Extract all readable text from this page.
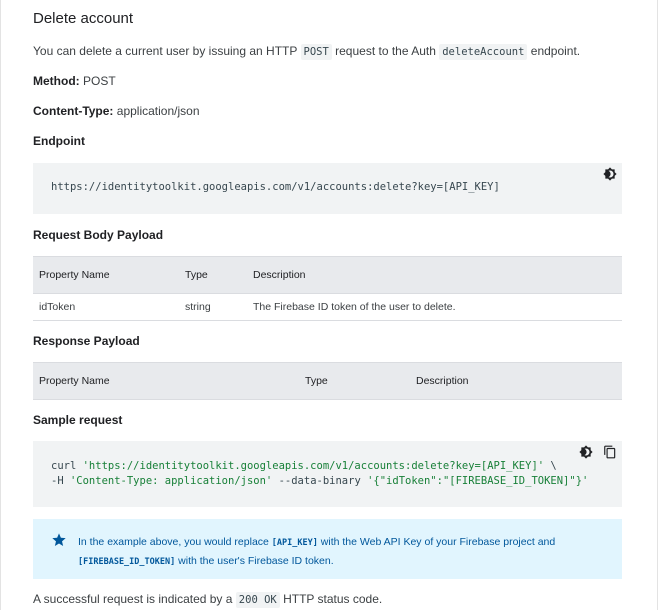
Delete account
You can delete a current user by issuing an HTTP POST request to the Auth deleteAccount endpoint.
Method: POST
Content-Type: application/json
Endpoint
https://identitytoolkit.googleapis.com/v1/accounts:delete?key=[API_KEY]
Request Body Payload
Property Name	Type	Description
idToken	string	The Firebase ID token of the user to delete.
Response Payload
Property Name	Type	Description
Sample request
curl 'https://identitytoolkit.googleapis.com/v1/accounts:delete?key=[API_KEY]' \
-H 'Content-Type: application/json' --data-binary '{"idToken":"[FIREBASE_ID_TOKEN]"}'
In the example above, you would replace [API_KEY] with the Web API Key of your Firebase project and
[FIREBASE_ID_TOKEN] with the user's Firebase ID token.
A successful request is indicated by a 200 OK HTTP status code.
